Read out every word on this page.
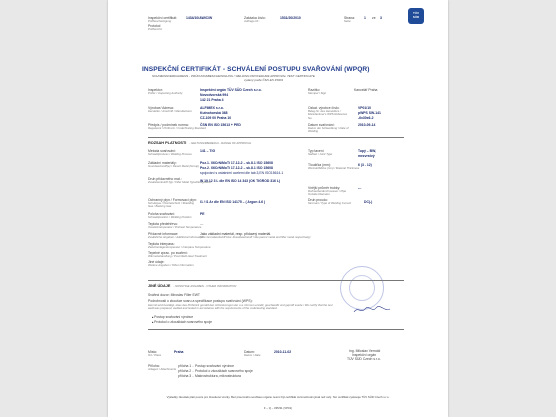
Inspekční certifikát:
Prüfbescheinigung
Protokol
Prüfbericht:
1434/10/AWIC/W	Zakázka číslo:
Auftrags-Nr.:
1531/20/2010	Strana:
Seite:
1 ze 3
TÜV
SÜD
INSPEKČNÍ CERTIFIKÁT - SCHVÁLENÍ POSTUPU SVAŘOVÁNÍ (WPQR)
SCHWEISSVERFAHRENS - PRÜFUNGSBESCHEINIGUNG / WELDING PROCEDURE APPROVAL TEST CERTIFICATE
vydaný podle ČSN EN 45004
Inspektor:
Prüfer / Inspecting Authority
Inspekční orgán TÜV SÜD Czech s.r.o.
Novodvorská 994
142 21 Praha 4
Razítko
Stempel / Sign
Kancelář Praha
Výrobce/ Adresa:
Hersteller / Anschrift / Manufacturer
ALFIMEX s.r.o.
Kutnohorská 368
CZ-109 00 Praha 10
Ozkat. výrobce číslo:
Beleg-Nr. des Herstellers / Manufacturer's WPS Reference No.
VP01/10
pWPS SW-141
-6x30x6-2
Předpis / podmínek norma:
Regelwerk / Prüfnorm / Code/Testing Standard
ČSN EN ISO 15613 + PED	Datum svařování:
Datum der Schweißung / Date of Welding
2010-09-14
ROZSAH PLATNOSTI - GELTUNGSBEREICH - RANGE OF APPROVAL
Metoda svařování:
Schweißprozess / Welding Process
141 – TIG	Typ tavení
Nahtart / Joint Type
Tupý – BW,
mezvrstvý
Základní materiály:
Grundwerkstoff(e) / Parent Metal (Group)
Poz.1. X6CrNiMoTi 17-12-2 – sk.8.1 ISO 15608
Poz.2. X6CrNiMoTi 17-12-2 – sk.8.1 ISO 15608
spojování s ostatními ocelemi dle tab.3,EN ISO15614-1
Tloušťka (mm):
Werkstoffdicke (mm) / Material Thickness
6 (3 - 12)
Druh přídavného mat.:
Zusatzwerkstoff-Typ / Filler Metal Type/Designation
W 19 12 3 L dle EN ISO 14 343 (OK TIGROD 316 L)
Vnější průměr trubky:
Rohraußendurchmesser / Pipe Outside Diameter
---
Ochranný plyn / Formovací plyn:
Schutzgas / Wurzelschutz / Shielding Gas / Backing Gas
I1 / I1 Ar dle EN ISO 14175 – ( Argon 4.6 )	Druh proudu:
Stromart / Type of Welding Current	DC(-)
Poloha svařování:
Schweißposition / Welding Position
PE
Teplota předehřevu:
Vorwärmtemperatur / Preheat Temperature
---
Přídavné informace:
Zusätzliche Angaben / Additional Information
Jako základní materiál, resp. přídavný materiál.
(Wie Grundwerkstoff bzw. Zusatzwerkstoff / like parent metal and filler metal respectively)
Teplota interpass:
Zwischenlagentemperatur / Interpass Temperature
Tepelné zprac. po svaření:
Wärmebehandlung / Post-Weld Heat Treatment
Jiné údaje:
Weitere Angaben / Other Information
JINÉ ÚDAJE - SONSTIGE ANGABEN - OTHER INFORMATION
Svářeci dozor: Miroslav Filler EWT
Podrobnosti o zkoušce svaru a specifikace postupu svařování (WPS):
Hiermit wird bestätigt, dass das Prüfstück gemäß den Anforderungen der o.a. Normen erstellt, geschweißt und geprüft wurde / We certify that the test weld was prepared, welded and tested in accordance with the requirements of the code/testing standard.
■ Postup svařování výrobce
■ Protokol o zkouškách svarového spoje
Místo:
Ort / Place
Praha	Datum:
Datum / Date
2010-11-02	Ing. Miloslav Vernold
Inspekční orgán
TÜV SÜD Czech s.r.o.
Příloha:
Anlagen / Attachments
příloha 1 .. Postup svařování výrobce
příloha 2 .. Protokol o zkouškách svarového spoje
příloha 3 .. Makrostruktura, mikrostruktura
Výsledky zkoušek platí pouze pro zkoušené vzorky. Bez písemného souhlasu orgánu nesmí být certifikát rozmnožován jinak než celý. Ten certifikát vystavuje TÜV SÜD Czech s.r.o.
F – Q – 335/31 (VP01)
